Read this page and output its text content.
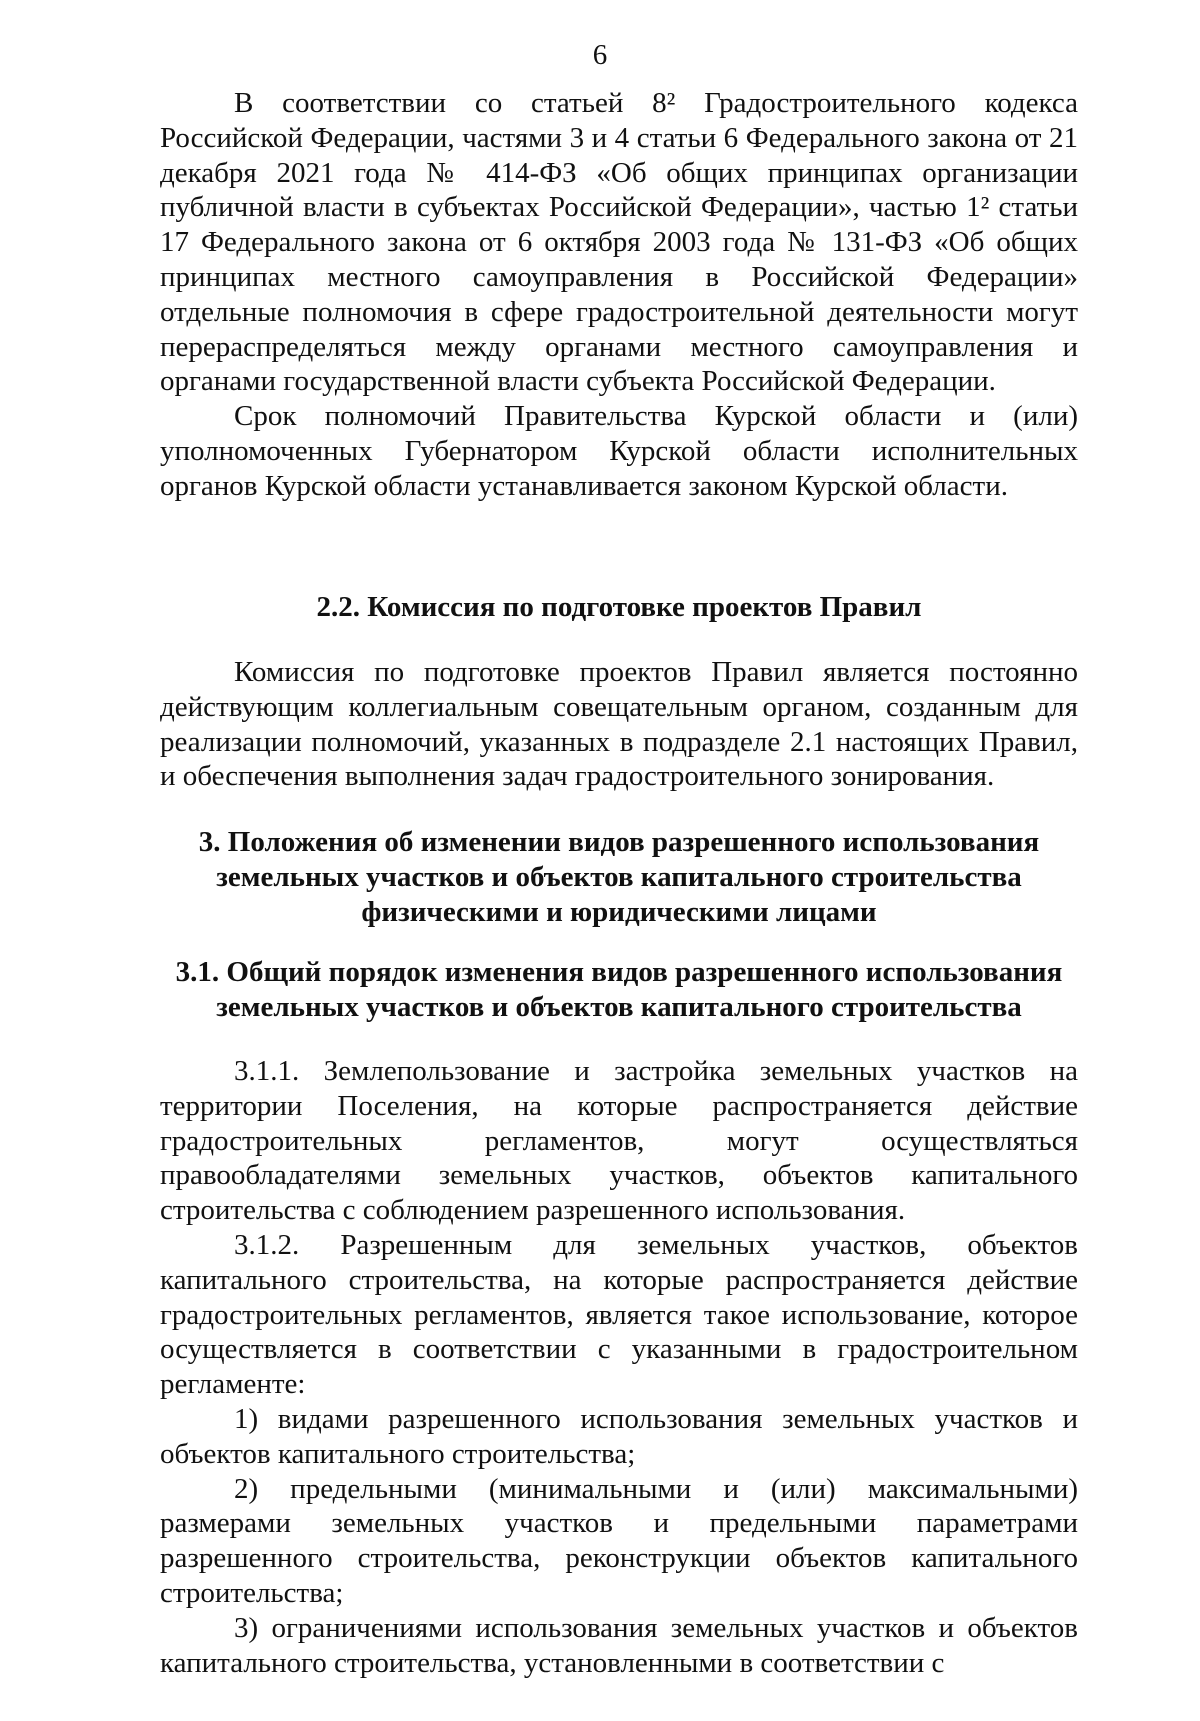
6

В соответствии со статьей 8² Градостроительного кодекса Российской Федерации, частями 3 и 4 статьи 6 Федерального закона от 21 декабря 2021 года № 414-ФЗ «Об общих принципах организации публичной власти в субъектах Российской Федерации», частью 1² статьи 17 Федерального закона от 6 октября 2003 года № 131-ФЗ «Об общих принципах местного самоуправления в Российской Федерации» отдельные полномочия в сфере градостроительной деятельности могут перераспределяться между органами местного самоуправления и органами государственной власти субъекта Российской Федерации.

Срок полномочий Правительства Курской области и (или) уполномоченных Губернатором Курской области исполнительных органов Курской области устанавливается законом Курской области.

2.2. Комиссия по подготовке проектов Правил

Комиссия по подготовке проектов Правил является постоянно действующим коллегиальным совещательным органом, созданным для реализации полномочий, указанных в подразделе 2.1 настоящих Правил, и обеспечения выполнения задач градостроительного зонирования.

3. Положения об изменении видов разрешенного использования
земельных участков и объектов капитального строительства
физическими и юридическими лицами
3.1. Общий порядок изменения видов разрешенного использования
земельных участков и объектов капитального строительства

3.1.1. Землепользование и застройка земельных участков на территории Поселения, на которые распространяется действие градостроительных регламентов, могут осуществляться правообладателями земельных участков, объектов капитального строительства с соблюдением разрешенного использования.

3.1.2. Разрешенным для земельных участков, объектов капитального строительства, на которые распространяется действие градостроительных регламентов, является такое использование, которое осуществляется в соответствии с указанными в градостроительном регламенте:

1) видами разрешенного использования земельных участков и объектов капитального строительства;

2) предельными (минимальными и (или) максимальными) размерами земельных участков и предельными параметрами разрешенного строительства, реконструкции объектов капитального строительства;

3) ограничениями использования земельных участков и объектов капитального строительства, установленными в соответствии с
